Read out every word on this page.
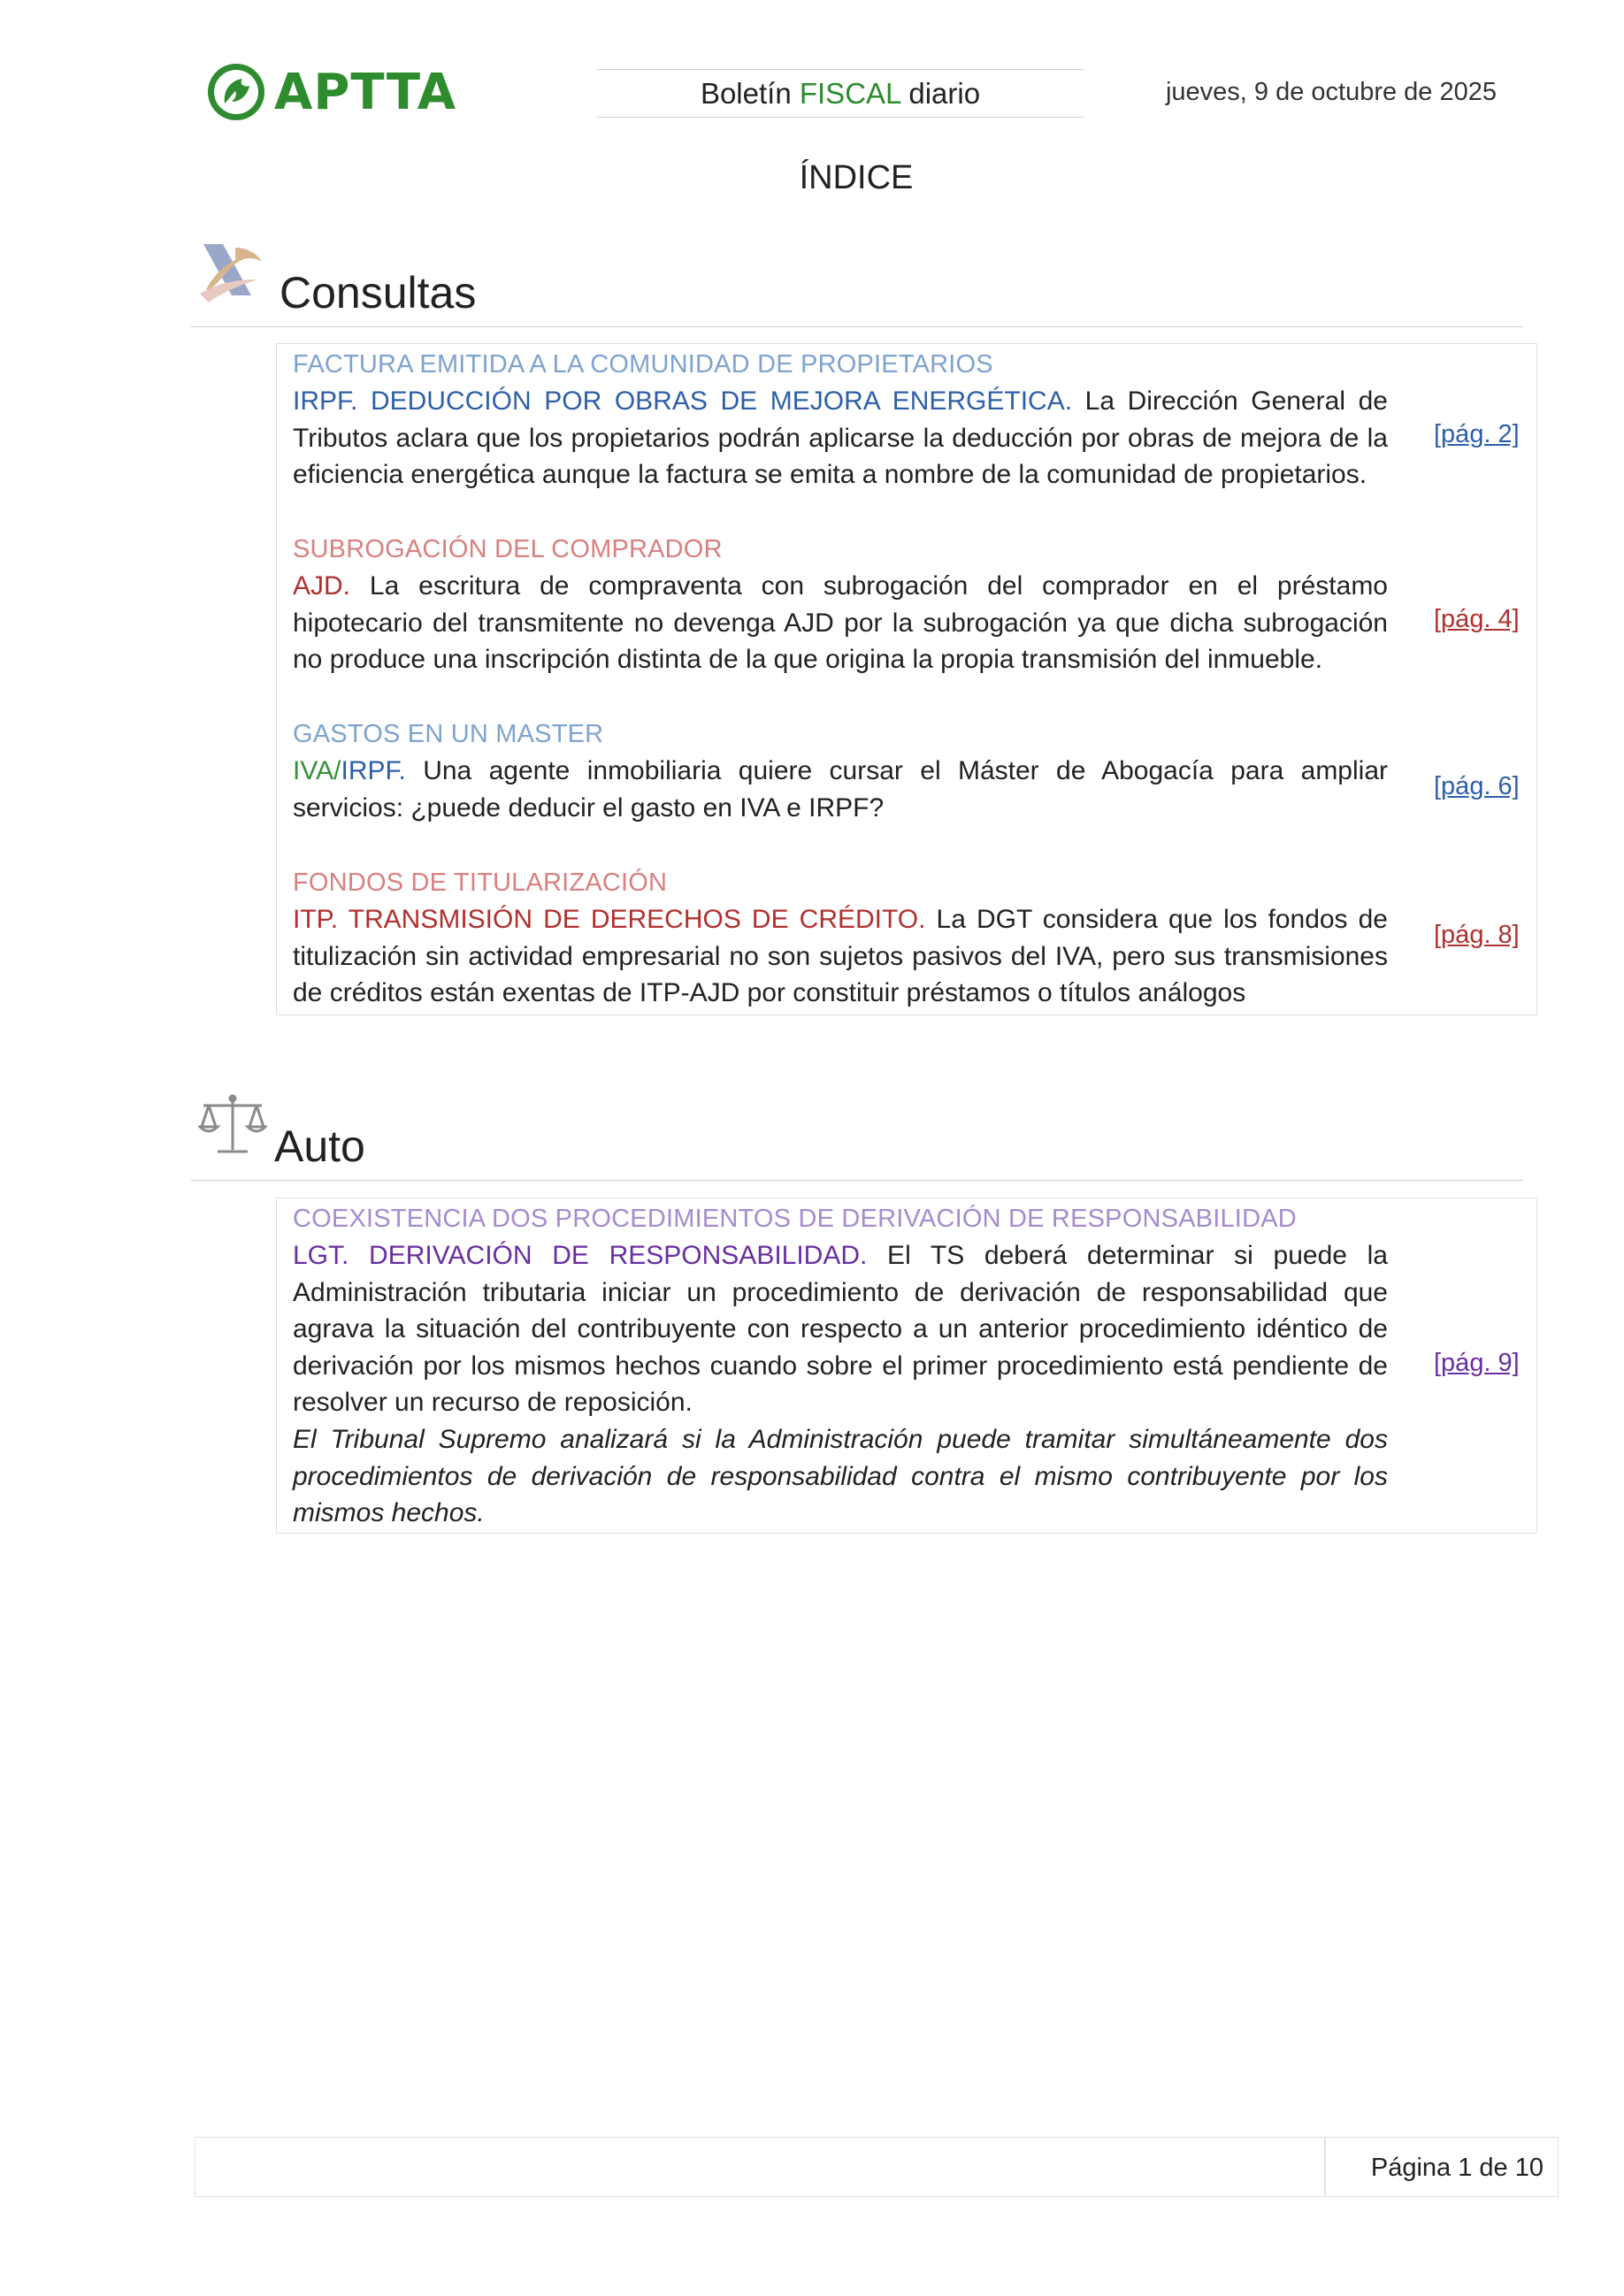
APTTA	Boletín FISCAL diario	jueves, 9 de octubre de 2025
ÍNDICE
Consultas
FACTURA EMITIDA A LA COMUNIDAD DE PROPIETARIOS
IRPF. DEDUCCIÓN POR OBRAS DE MEJORA ENERGÉTICA. La Dirección General de Tributos aclara que los propietarios podrán aplicarse la deducción por obras de mejora de la eficiencia energética aunque la factura se emita a nombre de la comunidad de propietarios.
[pág. 2]
SUBROGACIÓN DEL COMPRADOR
AJD. La escritura de compraventa con subrogación del comprador en el préstamo hipotecario del transmitente no devenga AJD por la subrogación ya que dicha subrogación no produce una inscripción distinta de la que origina la propia transmisión del inmueble.
[pág. 4]
GASTOS EN UN MASTER
IVA/IRPF. Una agente inmobiliaria quiere cursar el Máster de Abogacía para ampliar servicios: ¿puede deducir el gasto en IVA e IRPF?
[pág. 6]
FONDOS DE TITULARIZACIÓN
ITP. TRANSMISIÓN DE DERECHOS DE CRÉDITO. La DGT considera que los fondos de titulización sin actividad empresarial no son sujetos pasivos del IVA, pero sus transmisiones de créditos están exentas de ITP-AJD por constituir préstamos o títulos análogos
[pág. 8]
Auto
COEXISTENCIA DOS PROCEDIMIENTOS DE DERIVACIÓN DE RESPONSABILIDAD
LGT. DERIVACIÓN DE RESPONSABILIDAD. El TS deberá determinar si puede la Administración tributaria iniciar un procedimiento de derivación de responsabilidad que agrava la situación del contribuyente con respecto a un anterior procedimiento idéntico de derivación por los mismos hechos cuando sobre el primer procedimiento está pendiente de resolver un recurso de reposición.
El Tribunal Supremo analizará si la Administración puede tramitar simultáneamente dos procedimientos de derivación de responsabilidad contra el mismo contribuyente por los mismos hechos.
[pág. 9]
Página 1 de 10
